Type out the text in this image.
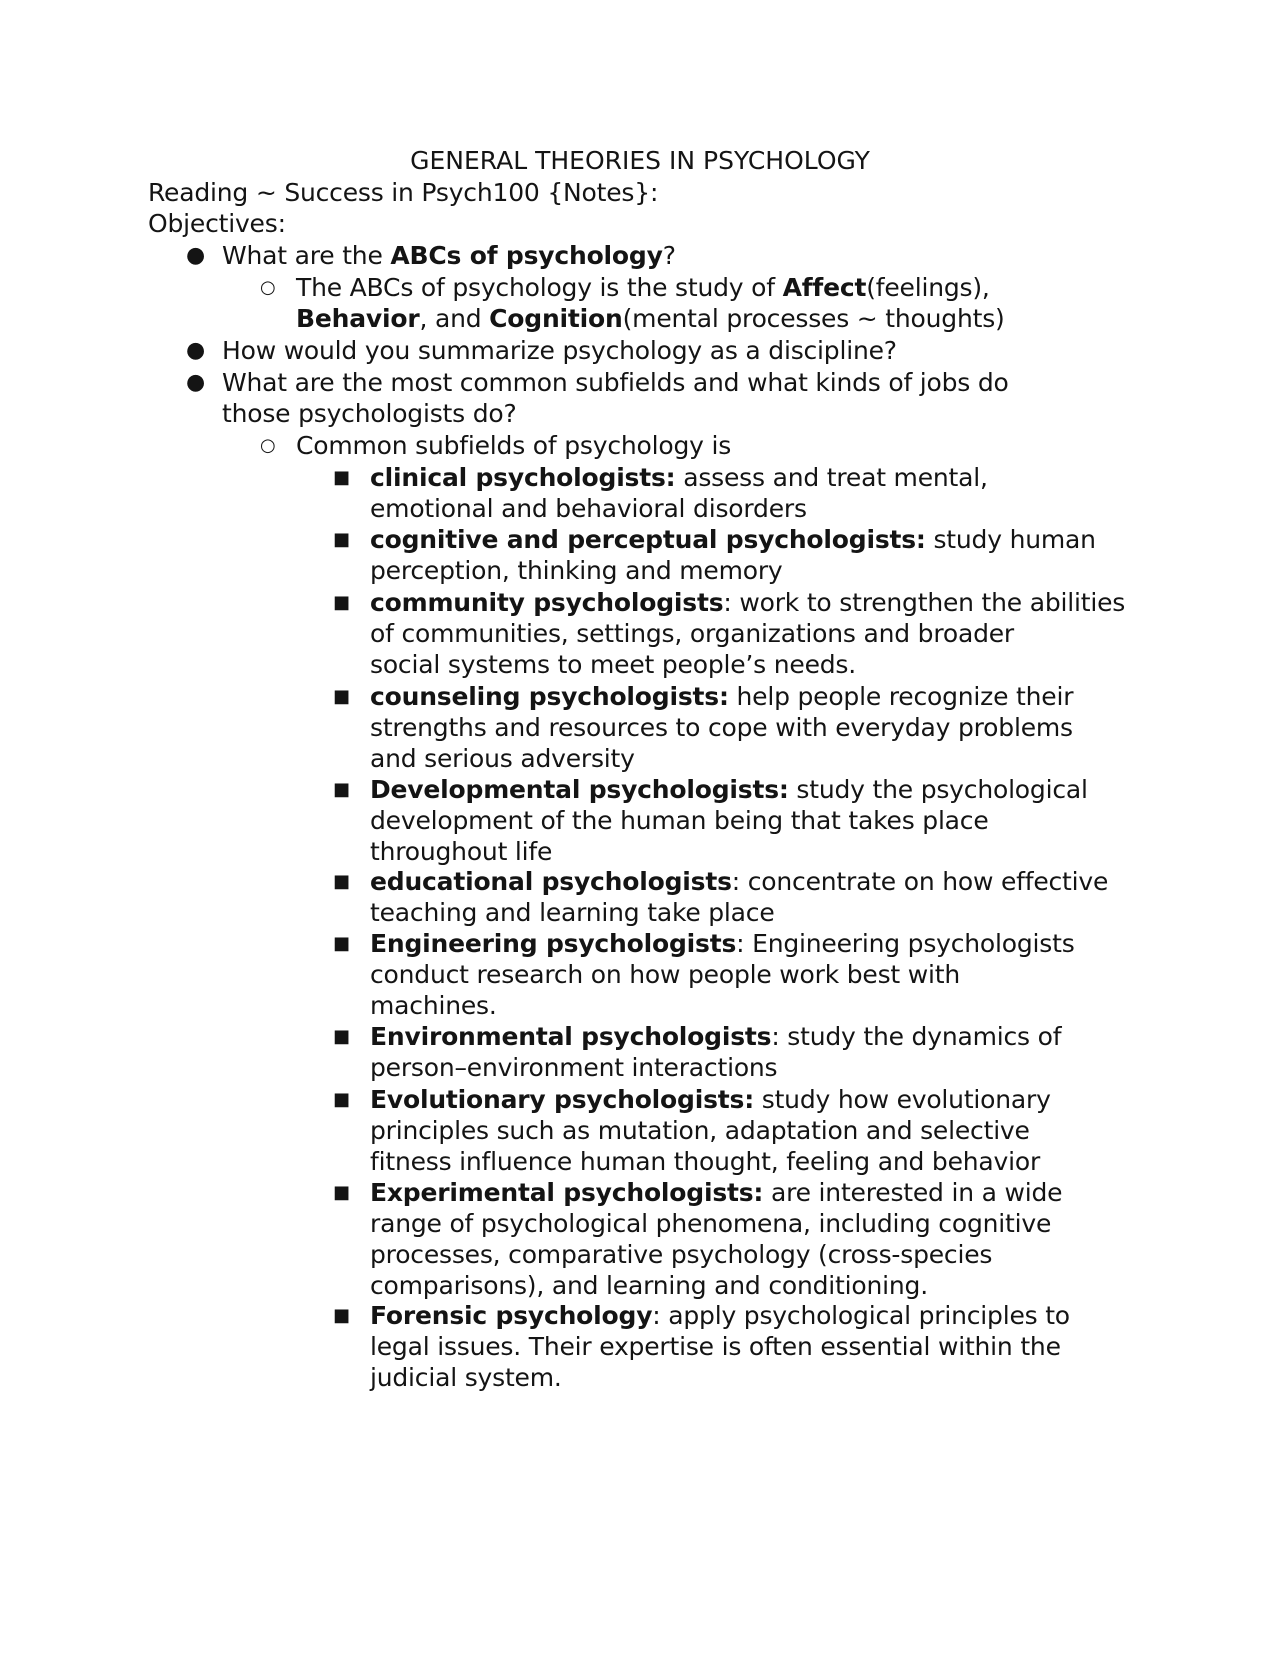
GENERAL THEORIES IN PSYCHOLOGY
Reading ~ Success in Psych100 {Notes}:
Objectives:
● What are the ABCs of psychology?
○ The ABCs of psychology is the study of Affect(feelings),
Behavior, and Cognition(mental processes ~ thoughts)
● How would you summarize psychology as a discipline?
● What are the most common subfields and what kinds of jobs do
those psychologists do?
○ Common subfields of psychology is
■ clinical psychologists: assess and treat mental,
emotional and behavioral disorders
■ cognitive and perceptual psychologists: study human
perception, thinking and memory
■ community psychologists: work to strengthen the abilities
of communities, settings, organizations and broader
social systems to meet people’s needs.
■ counseling psychologists: help people recognize their
strengths and resources to cope with everyday problems
and serious adversity
■ Developmental psychologists: study the psychological
development of the human being that takes place
throughout life
■ educational psychologists: concentrate on how effective
teaching and learning take place
■ Engineering psychologists: Engineering psychologists
conduct research on how people work best with
machines.
■ Environmental psychologists: study the dynamics of
person–environment interactions
■ Evolutionary psychologists: study how evolutionary
principles such as mutation, adaptation and selective
fitness influence human thought, feeling and behavior
■ Experimental psychologists: are interested in a wide
range of psychological phenomena, including cognitive
processes, comparative psychology (cross-species
comparisons), and learning and conditioning.
■ Forensic psychology: apply psychological principles to
legal issues. Their expertise is often essential within the
judicial system.
